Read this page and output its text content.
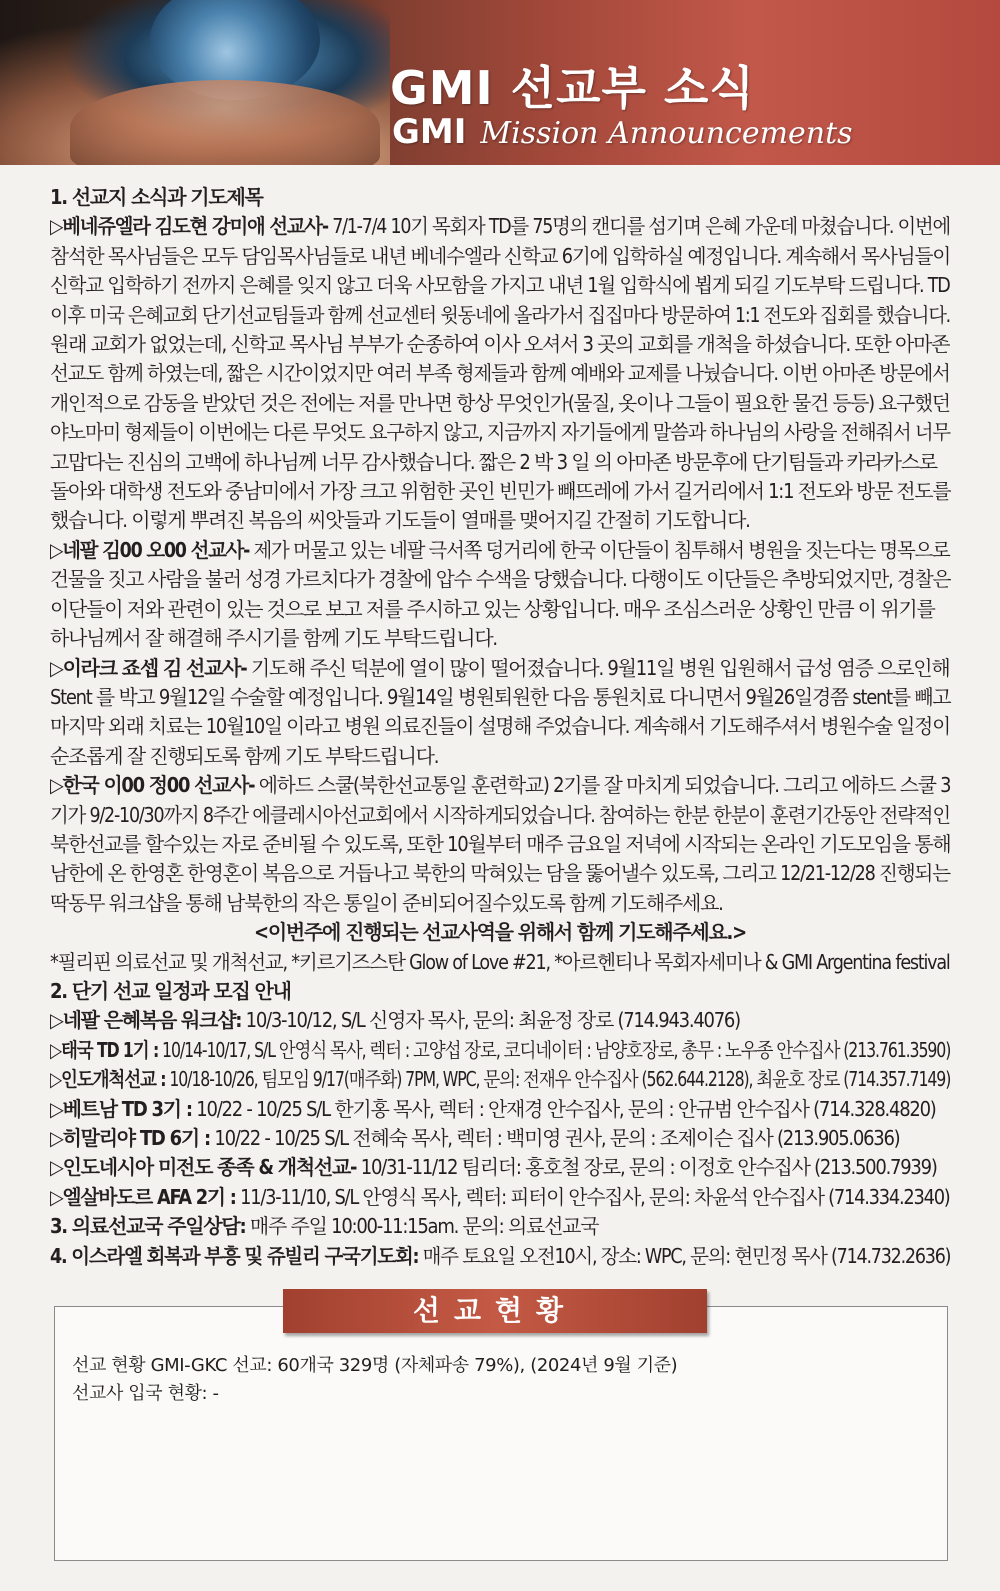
GMI 선교부 소식
GMI Mission Announcements
1. 선교지 소식과 기도제목
▷베네쥬엘라 김도현 강미애 선교사- 7/1-7/4 10기 목회자 TD를 75명의 캔디를 섬기며 은혜 가운데 마쳤습니다. 이번에
참석한 목사님들은 모두 담임목사님들로 내년 베네수엘라 신학교 6기에 입학하실 예정입니다. 계속해서 목사님들이
신학교 입학하기 전까지 은혜를 잊지 않고 더욱 사모함을 가지고 내년 1월 입학식에 뵙게 되길 기도부탁 드립니다. TD
이후 미국 은혜교회 단기선교팀들과 함께 선교센터 윗동네에 올라가서 집집마다 방문하여 1:1 전도와 집회를 했습니다.
원래 교회가 없었는데, 신학교 목사님 부부가 순종하여 이사 오셔서 3 곳의 교회를 개척을 하셨습니다. 또한 아마존
선교도 함께 하였는데, 짧은 시간이었지만 여러 부족 형제들과 함께 예배와 교제를 나눴습니다. 이번 아마존 방문에서
개인적으로 감동을 받았던 것은 전에는 저를 만나면 항상 무엇인가(물질, 옷이나 그들이 필요한 물건 등등) 요구했던
야노마미 형제들이 이번에는 다른 무엇도 요구하지 않고, 지금까지 자기들에게 말씀과 하나님의 사랑을 전해줘서 너무
고맙다는 진심의 고백에 하나님께 너무 감사했습니다. 짧은 2 박 3 일 의 아마존 방문후에 단기팀들과 카라카스로
돌아와 대학생 전도와 중남미에서 가장 크고 위험한 곳인 빈민가 빼뜨레에 가서 길거리에서 1:1 전도와 방문 전도를
했습니다. 이렇게 뿌려진 복음의 씨앗들과 기도들이 열매를 맺어지길 간절히 기도합니다.
▷네팔 김00 오00 선교사- 제가 머물고 있는 네팔 극서쪽 덩거리에 한국 이단들이 침투해서 병원을 짓는다는 명목으로
건물을 짓고 사람을 불러 성경 가르치다가 경찰에 압수 수색을 당했습니다. 다행이도 이단들은 추방되었지만, 경찰은
이단들이 저와 관련이 있는 것으로 보고 저를 주시하고 있는 상황입니다. 매우 조심스러운 상황인 만큼 이 위기를
하나님께서 잘 해결해 주시기를 함께 기도 부탁드립니다.
▷이라크 죠셉 김 선교사- 기도해 주신 덕분에 열이 많이 떨어졌습니다. 9월11일 병원 입원해서 급성 염증 으로인해
Stent 를 박고 9월12일 수술할 예정입니다. 9월14일 병원퇴원한 다음 통원치료 다니면서 9월26일경쯤 stent를 빼고
마지막 외래 치료는 10월10일 이라고 병원 의료진들이 설명해 주었습니다. 계속해서 기도해주셔서 병원수술 일정이
순조롭게 잘 진행되도록 함께 기도 부탁드립니다.
▷한국 이00 정00 선교사- 에하드 스쿨(북한선교통일 훈련학교) 2기를 잘 마치게 되었습니다. 그리고 에하드 스쿨 3
기가 9/2-10/30까지 8주간 에클레시아선교회에서 시작하게되었습니다. 참여하는 한분 한분이 훈련기간동안 전략적인
북한선교를 할수있는 자로 준비될 수 있도록, 또한 10월부터 매주 금요일 저녁에 시작되는 온라인 기도모임을 통해
남한에 온 한영혼 한영혼이 복음으로 거듭나고 북한의 막혀있는 담을 뚫어낼수 있도록, 그리고 12/21-12/28 진행되는
딱동무 워크샵을 통해 남북한의 작은 통일이 준비되어질수있도록 함께 기도해주세요.
<이번주에 진행되는 선교사역을 위해서 함께 기도해주세요.>
*필리핀 의료선교 및 개척선교, *키르기즈스탄 Glow of Love #21, *아르헨티나 목회자세미나 & GMI Argentina festival
2. 단기 선교 일정과 모집 안내
▷네팔 은혜복음 워크샵: 10/3-10/12, S/L 신영자 목사, 문의: 최윤정 장로 (714.943.4076)
▷태국 TD 1기 : 10/14-10/17, S/L 안영식 목사, 렉터 : 고양섭 장로, 코디네이터 : 남양호장로, 총무 : 노우종 안수집사 (213.761.3590)
▷인도개척선교 : 10/18-10/26, 팀모임 9/17(매주화) 7PM, WPC, 문의: 전재우 안수집사 (562.644.2128), 최윤호 장로 (714.357.7149)
▷베트남 TD 3기 : 10/22 - 10/25 S/L 한기홍 목사, 렉터 : 안재경 안수집사, 문의 : 안규범 안수집사 (714.328.4820)
▷히말리야 TD 6기 : 10/22 - 10/25 S/L 전혜숙 목사, 렉터 : 백미영 권사, 문의 : 조제이슨 집사 (213.905.0636)
▷인도네시아 미전도 종족 & 개척선교- 10/31-11/12 팀리더: 홍호철 장로, 문의 : 이정호 안수집사 (213.500.7939)
▷엘살바도르 AFA 2기 : 11/3-11/10, S/L 안영식 목사, 렉터: 피터이 안수집사, 문의: 차윤석 안수집사 (714.334.2340)
3. 의료선교국 주일상담: 매주 주일 10:00-11:15am. 문의: 의료선교국
4. 이스라엘 회복과 부흥 및 쥬빌리 구국기도회: 매주 토요일 오전10시, 장소: WPC, 문의: 현민정 목사 (714.732.2636)
선교현황
선교 현황 GMI-GKC 선교: 60개국 329명 (자체파송 79%), (2024년 9월 기준)
선교사 입국 현황: -
